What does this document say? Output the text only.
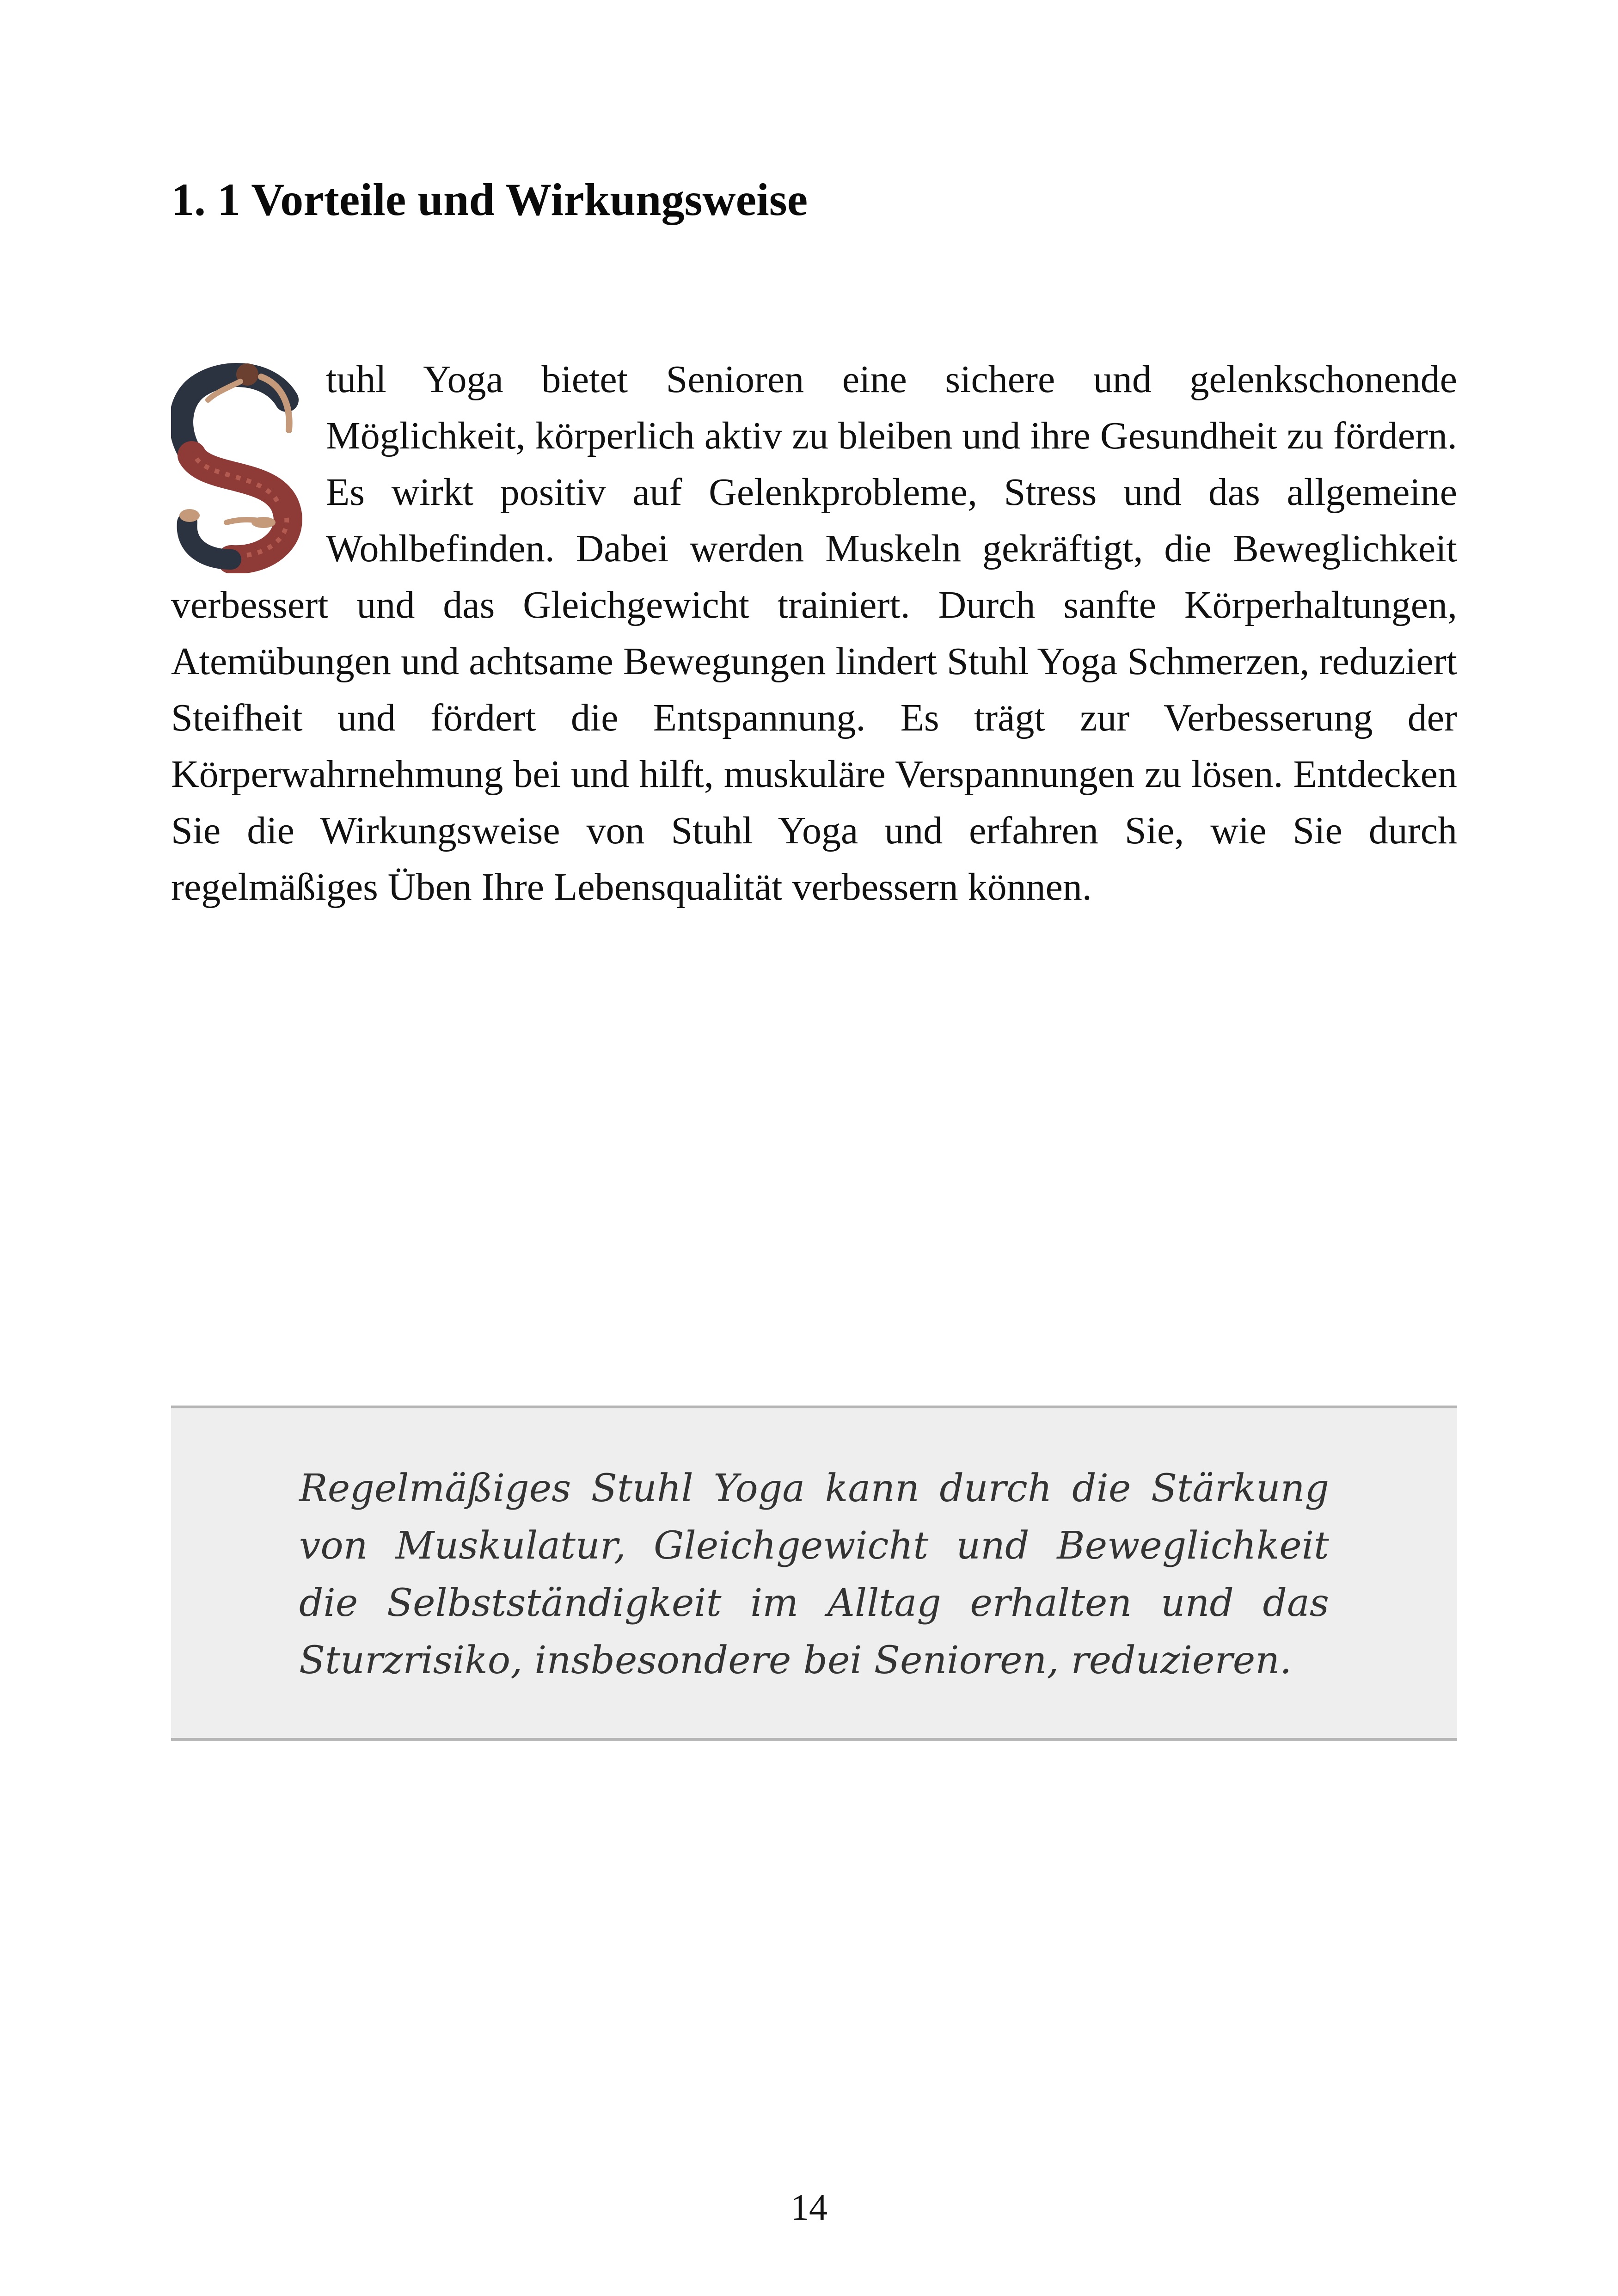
1. 1 Vorteile und Wirkungsweise

tuhl Yoga bietet Senioren eine sichere und gelenkschonende Möglichkeit, körperlich aktiv zu bleiben und ihre Gesundheit zu fördern. Es wirkt positiv auf Gelenkprobleme, Stress und das allgemeine Wohlbefinden. Dabei werden Muskeln gekräftigt, die Beweglichkeit verbessert und das Gleichgewicht trainiert. Durch sanfte Körperhaltungen, Atemübungen und achtsame Bewegungen lindert Stuhl Yoga Schmerzen, reduziert Steifheit und fördert die Entspannung. Es trägt zur Verbesserung der Körperwahrnehmung bei und hilft, muskuläre Verspannungen zu lösen. Entdecken Sie die Wirkungsweise von Stuhl Yoga und erfahren Sie, wie Sie durch regelmäßiges Üben Ihre Lebensqualität verbessern können.

Regelmäßiges Stuhl Yoga kann durch die Stärkung von Muskulatur, Gleichgewicht und Beweglichkeit die Selbstständigkeit im Alltag erhalten und das Sturzrisiko, insbesondere bei Senioren, reduzieren.

14
